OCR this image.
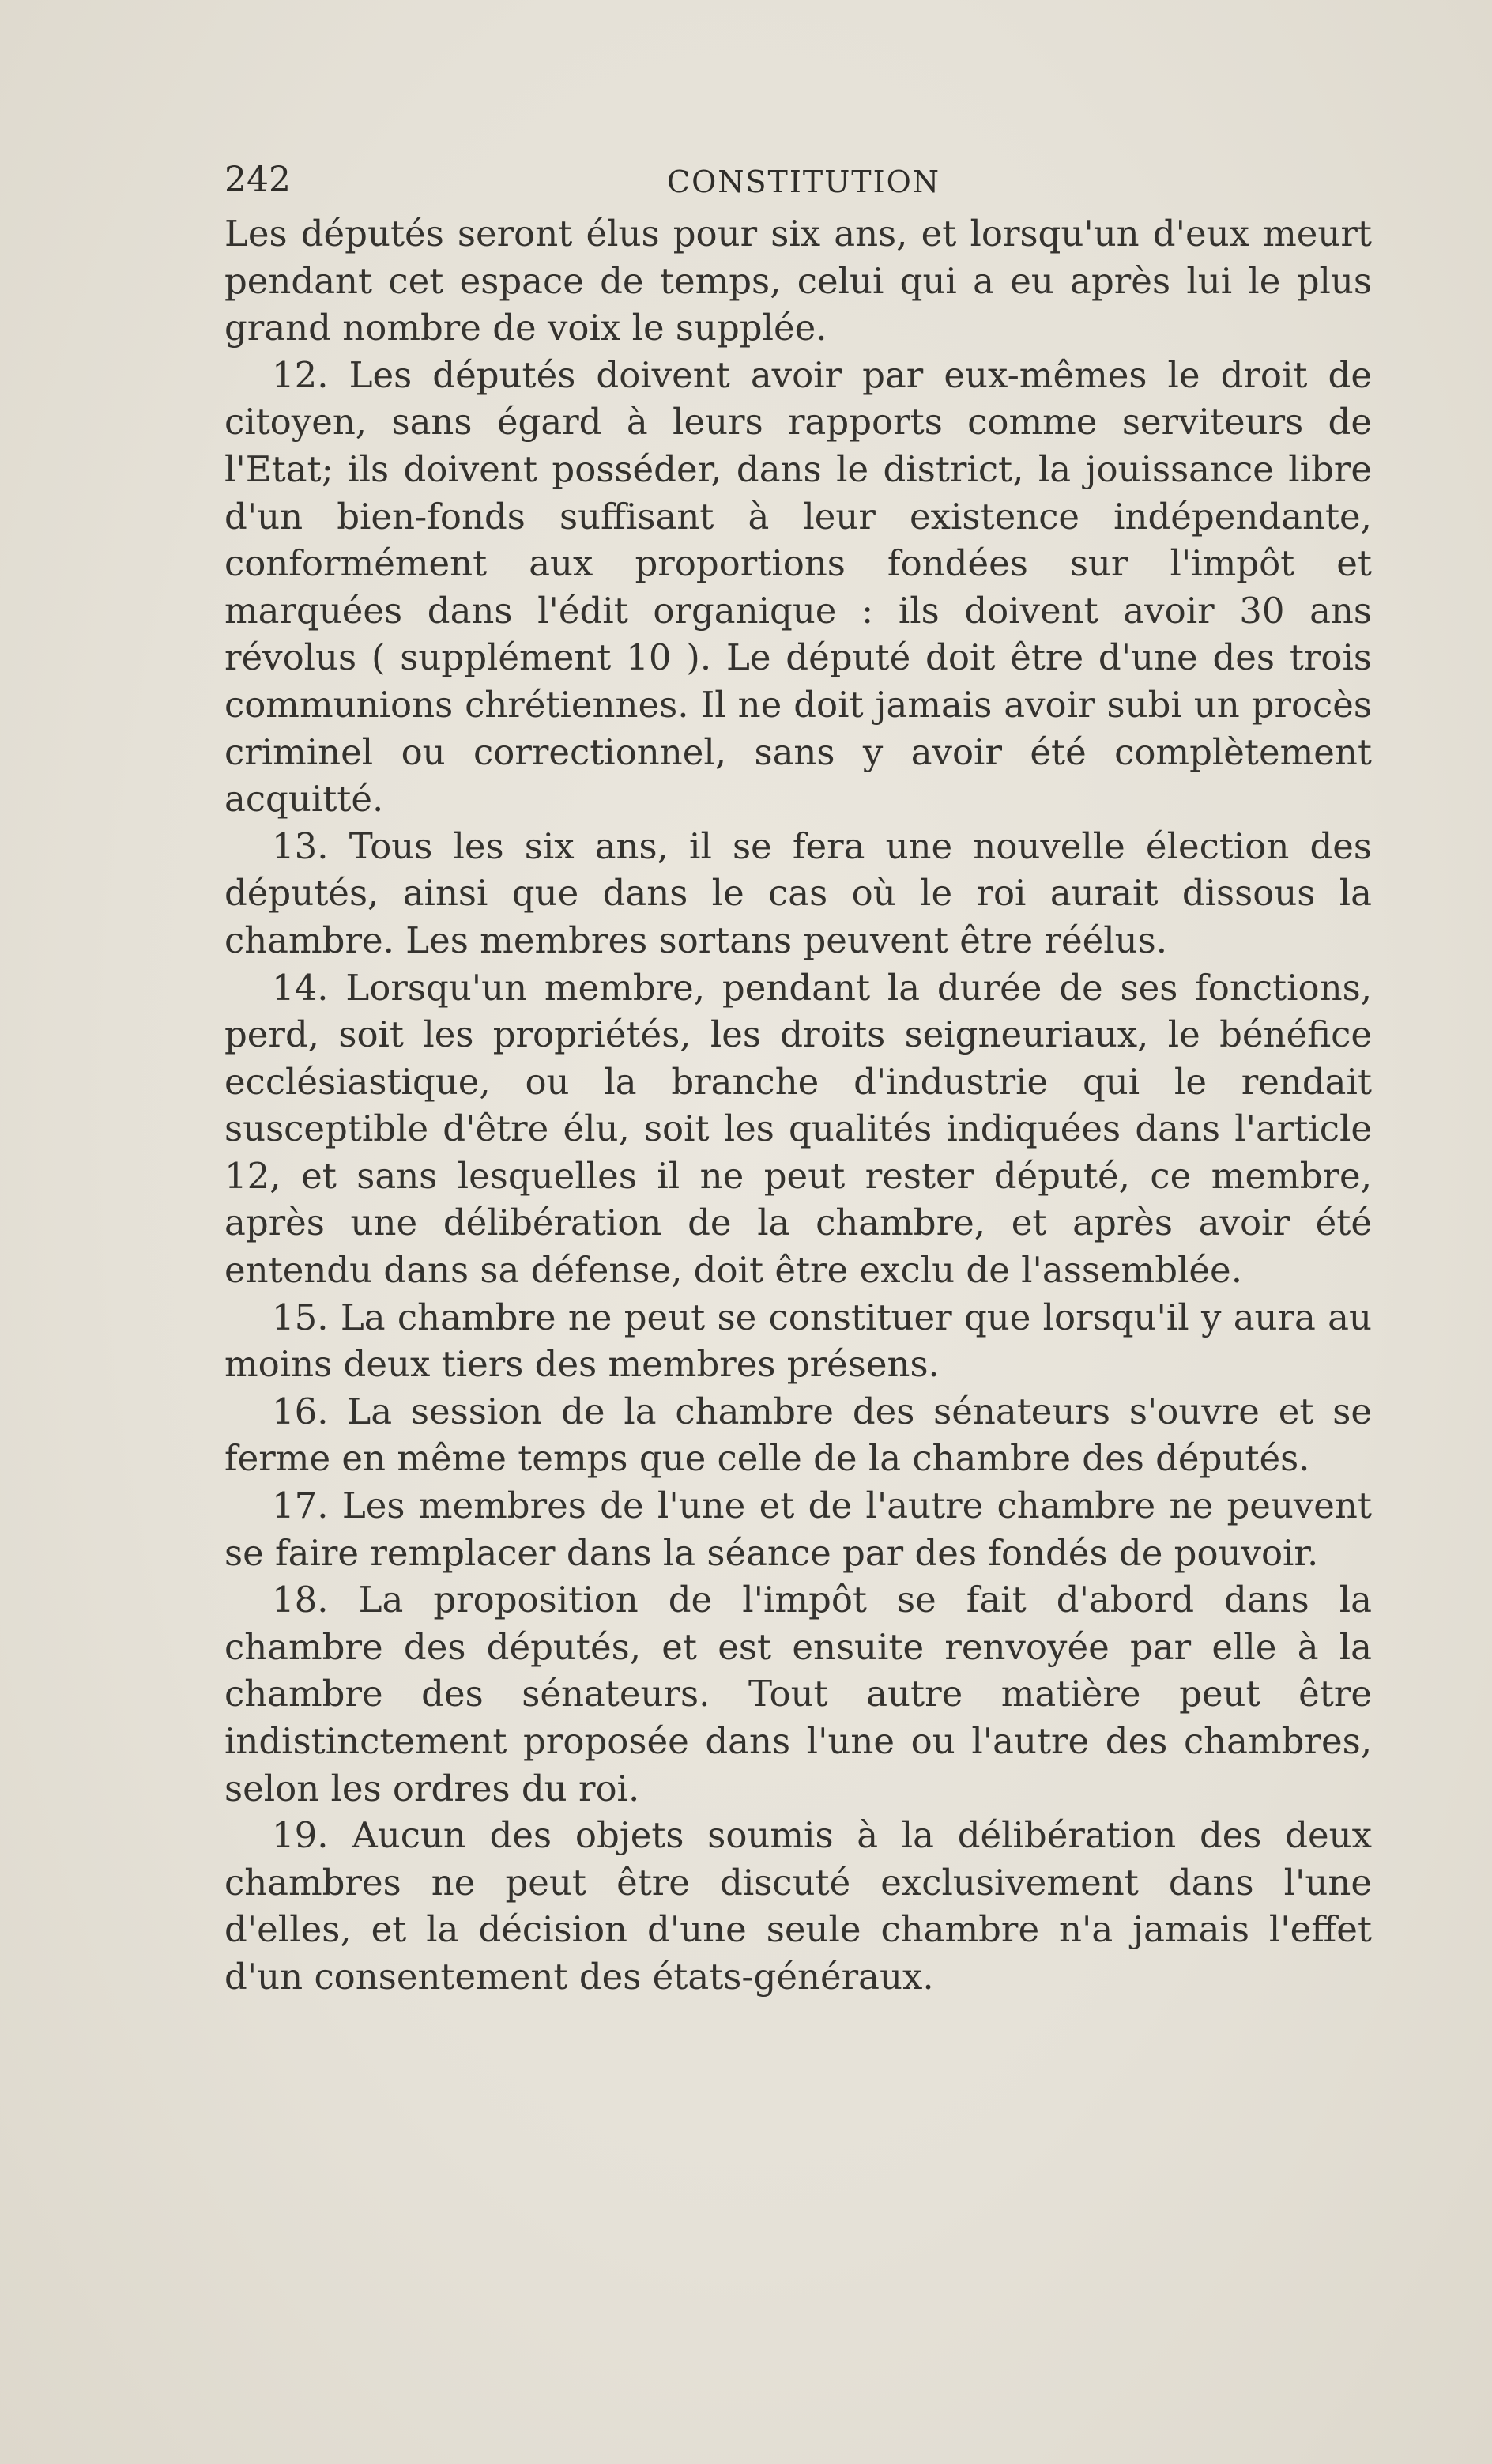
242	CONSTITUTION

Les députés seront élus pour six ans, et lorsqu'un d'eux meurt pendant cet espace de temps, celui qui a eu après lui le plus grand nombre de voix le supplée.

12. Les députés doivent avoir par eux-mêmes le droit de citoyen, sans égard à leurs rapports comme serviteurs de l'Etat; ils doivent posséder, dans le district, la jouissance libre d'un bien-fonds suffisant à leur existence indépendante, conformément aux proportions fondées sur l'impôt et marquées dans l'édit organique : ils doivent avoir 30 ans révolus ( supplément 10 ). Le député doit être d'une des trois communions chrétiennes. Il ne doit jamais avoir subi un procès criminel ou correctionnel, sans y avoir été complètement acquitté.

13. Tous les six ans, il se fera une nouvelle élection des députés, ainsi que dans le cas où le roi aurait dissous la chambre. Les membres sortans peuvent être réélus.

14. Lorsqu'un membre, pendant la durée de ses fonctions, perd, soit les propriétés, les droits seigneuriaux, le bénéfice ecclésiastique, ou la branche d'industrie qui le rendait susceptible d'être élu, soit les qualités indiquées dans l'article 12, et sans lesquelles il ne peut rester député, ce membre, après une délibération de la chambre, et après avoir été entendu dans sa défense, doit être exclu de l'assemblée.

15. La chambre ne peut se constituer que lorsqu'il y aura au moins deux tiers des membres présens.

16. La session de la chambre des sénateurs s'ouvre et se ferme en même temps que celle de la chambre des députés.

17. Les membres de l'une et de l'autre chambre ne peuvent se faire remplacer dans la séance par des fondés de pouvoir.

18. La proposition de l'impôt se fait d'abord dans la chambre des députés, et est ensuite renvoyée par elle à la chambre des sénateurs. Tout autre matière peut être indistinctement proposée dans l'une ou l'autre des chambres, selon les ordres du roi.

19. Aucun des objets soumis à la délibération des deux chambres ne peut être discuté exclusivement dans l'une d'elles, et la décision d'une seule chambre n'a jamais l'effet d'un consentement des états-généraux.
